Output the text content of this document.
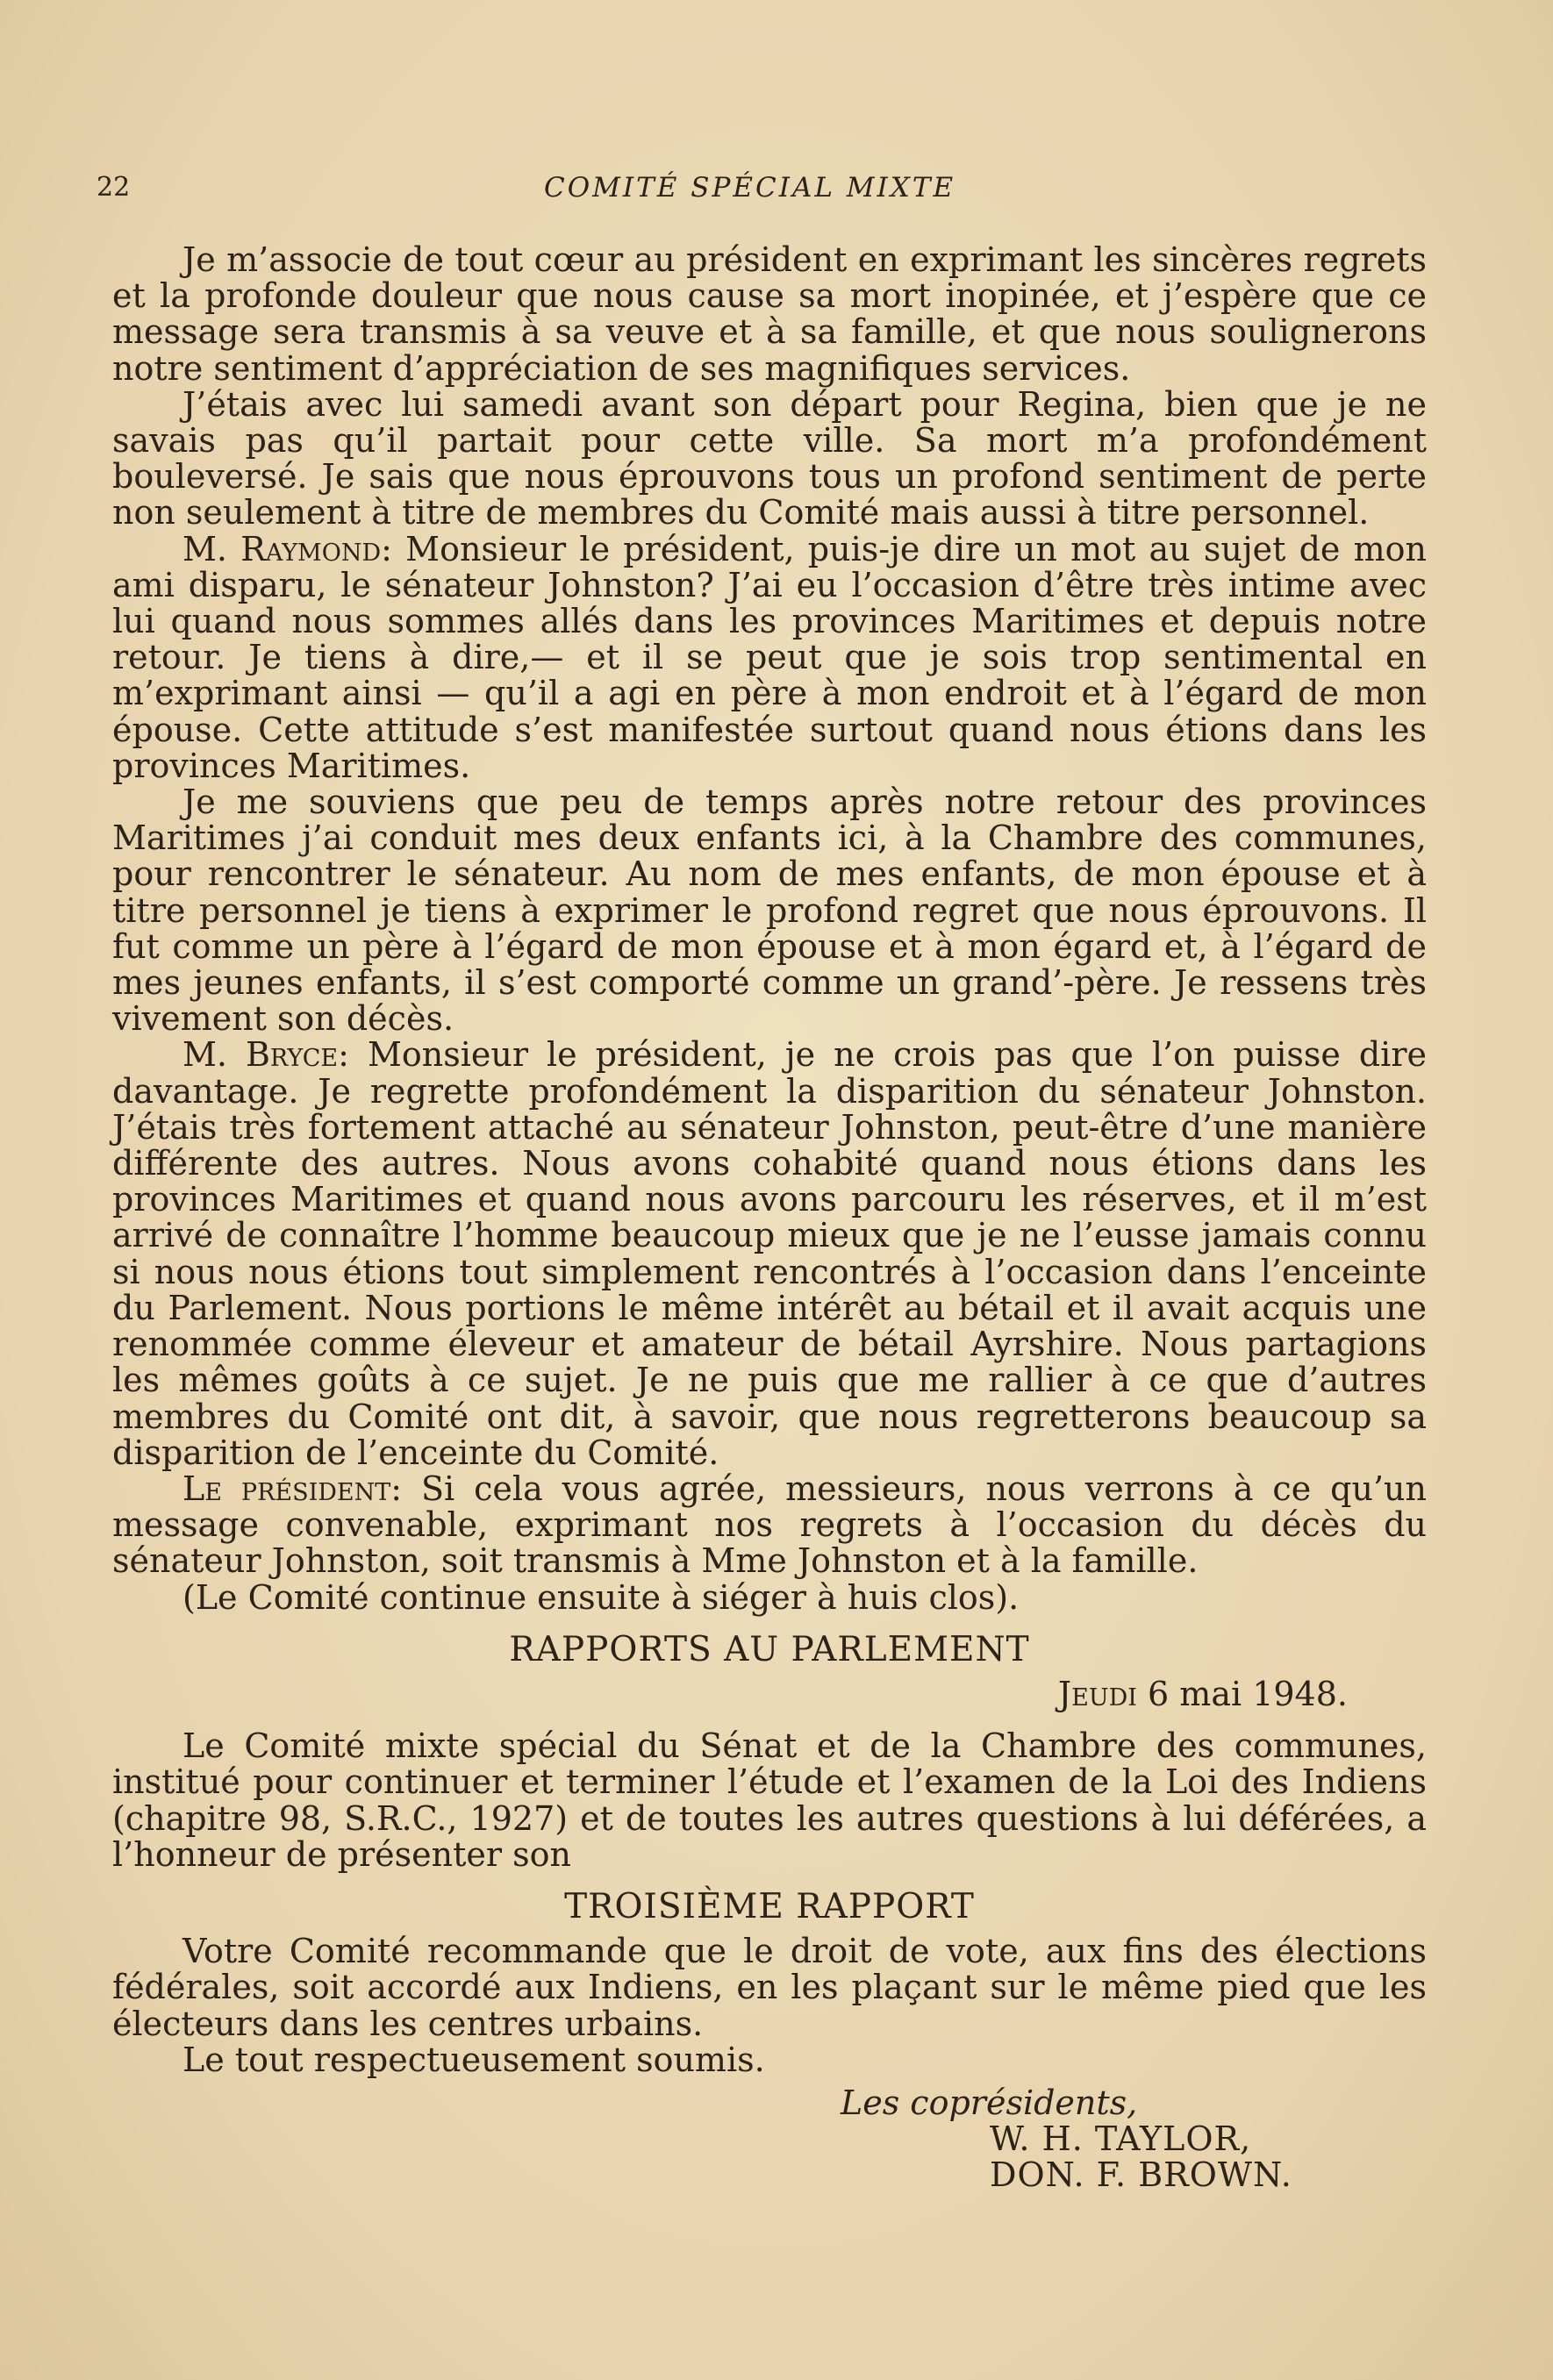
22	COMITÉ SPÉCIAL MIXTE

Je m’associe de tout cœur au président en exprimant les sincères regrets et la profonde douleur que nous cause sa mort inopinée, et j’espère que ce message sera transmis à sa veuve et à sa famille, et que nous soulignerons notre sentiment d’appréciation de ses magnifiques services.

J’étais avec lui samedi avant son départ pour Regina, bien que je ne savais pas qu’il partait pour cette ville. Sa mort m’a profondément bouleversé. Je sais que nous éprouvons tous un profond sentiment de perte non seulement à titre de membres du Comité mais aussi à titre personnel.

M. Raymond: Monsieur le président, puis-je dire un mot au sujet de mon ami disparu, le sénateur Johnston? J’ai eu l’occasion d’être très intime avec lui quand nous sommes allés dans les provinces Maritimes et depuis notre retour. Je tiens à dire,— et il se peut que je sois trop sentimental en m’exprimant ainsi — qu’il a agi en père à mon endroit et à l’égard de mon épouse. Cette attitude s’est manifestée surtout quand nous étions dans les provinces Maritimes.

Je me souviens que peu de temps après notre retour des provinces Maritimes j’ai conduit mes deux enfants ici, à la Chambre des communes, pour rencontrer le sénateur. Au nom de mes enfants, de mon épouse et à titre personnel je tiens à exprimer le profond regret que nous éprouvons. Il fut comme un père à l’égard de mon épouse et à mon égard et, à l’égard de mes jeunes enfants, il s’est comporté comme un grand’-père. Je ressens très vivement son décès.

M. Bryce: Monsieur le président, je ne crois pas que l’on puisse dire davantage. Je regrette profondément la disparition du sénateur Johnston. J’étais très fortement attaché au sénateur Johnston, peut-être d’une manière différente des autres. Nous avons cohabité quand nous étions dans les provinces Maritimes et quand nous avons parcouru les réserves, et il m’est arrivé de connaître l’homme beaucoup mieux que je ne l’eusse jamais connu si nous nous étions tout simplement rencontrés à l’occasion dans l’enceinte du Parlement. Nous portions le même intérêt au bétail et il avait acquis une renommée comme éleveur et amateur de bétail Ayrshire. Nous partagions les mêmes goûts à ce sujet. Je ne puis que me rallier à ce que d’autres membres du Comité ont dit, à savoir, que nous regretterons beaucoup sa disparition de l’enceinte du Comité.

Le président: Si cela vous agrée, messieurs, nous verrons à ce qu’un message convenable, exprimant nos regrets à l’occasion du décès du sénateur Johnston, soit transmis à Mme Johnston et à la famille.

(Le Comité continue ensuite à siéger à huis clos).

RAPPORTS AU PARLEMENT
Jeudi 6 mai 1948.

Le Comité mixte spécial du Sénat et de la Chambre des communes, institué pour continuer et terminer l’étude et l’examen de la Loi des Indiens (chapitre 98, S.R.C., 1927) et de toutes les autres questions à lui déférées, a l’honneur de présenter son

TROISIÈME RAPPORT

Votre Comité recommande que le droit de vote, aux fins des élections fédérales, soit accordé aux Indiens, en les plaçant sur le même pied que les électeurs dans les centres urbains.

Le tout respectueusement soumis.

Les coprésidents,
W. H. TAYLOR,
DON. F. BROWN.
